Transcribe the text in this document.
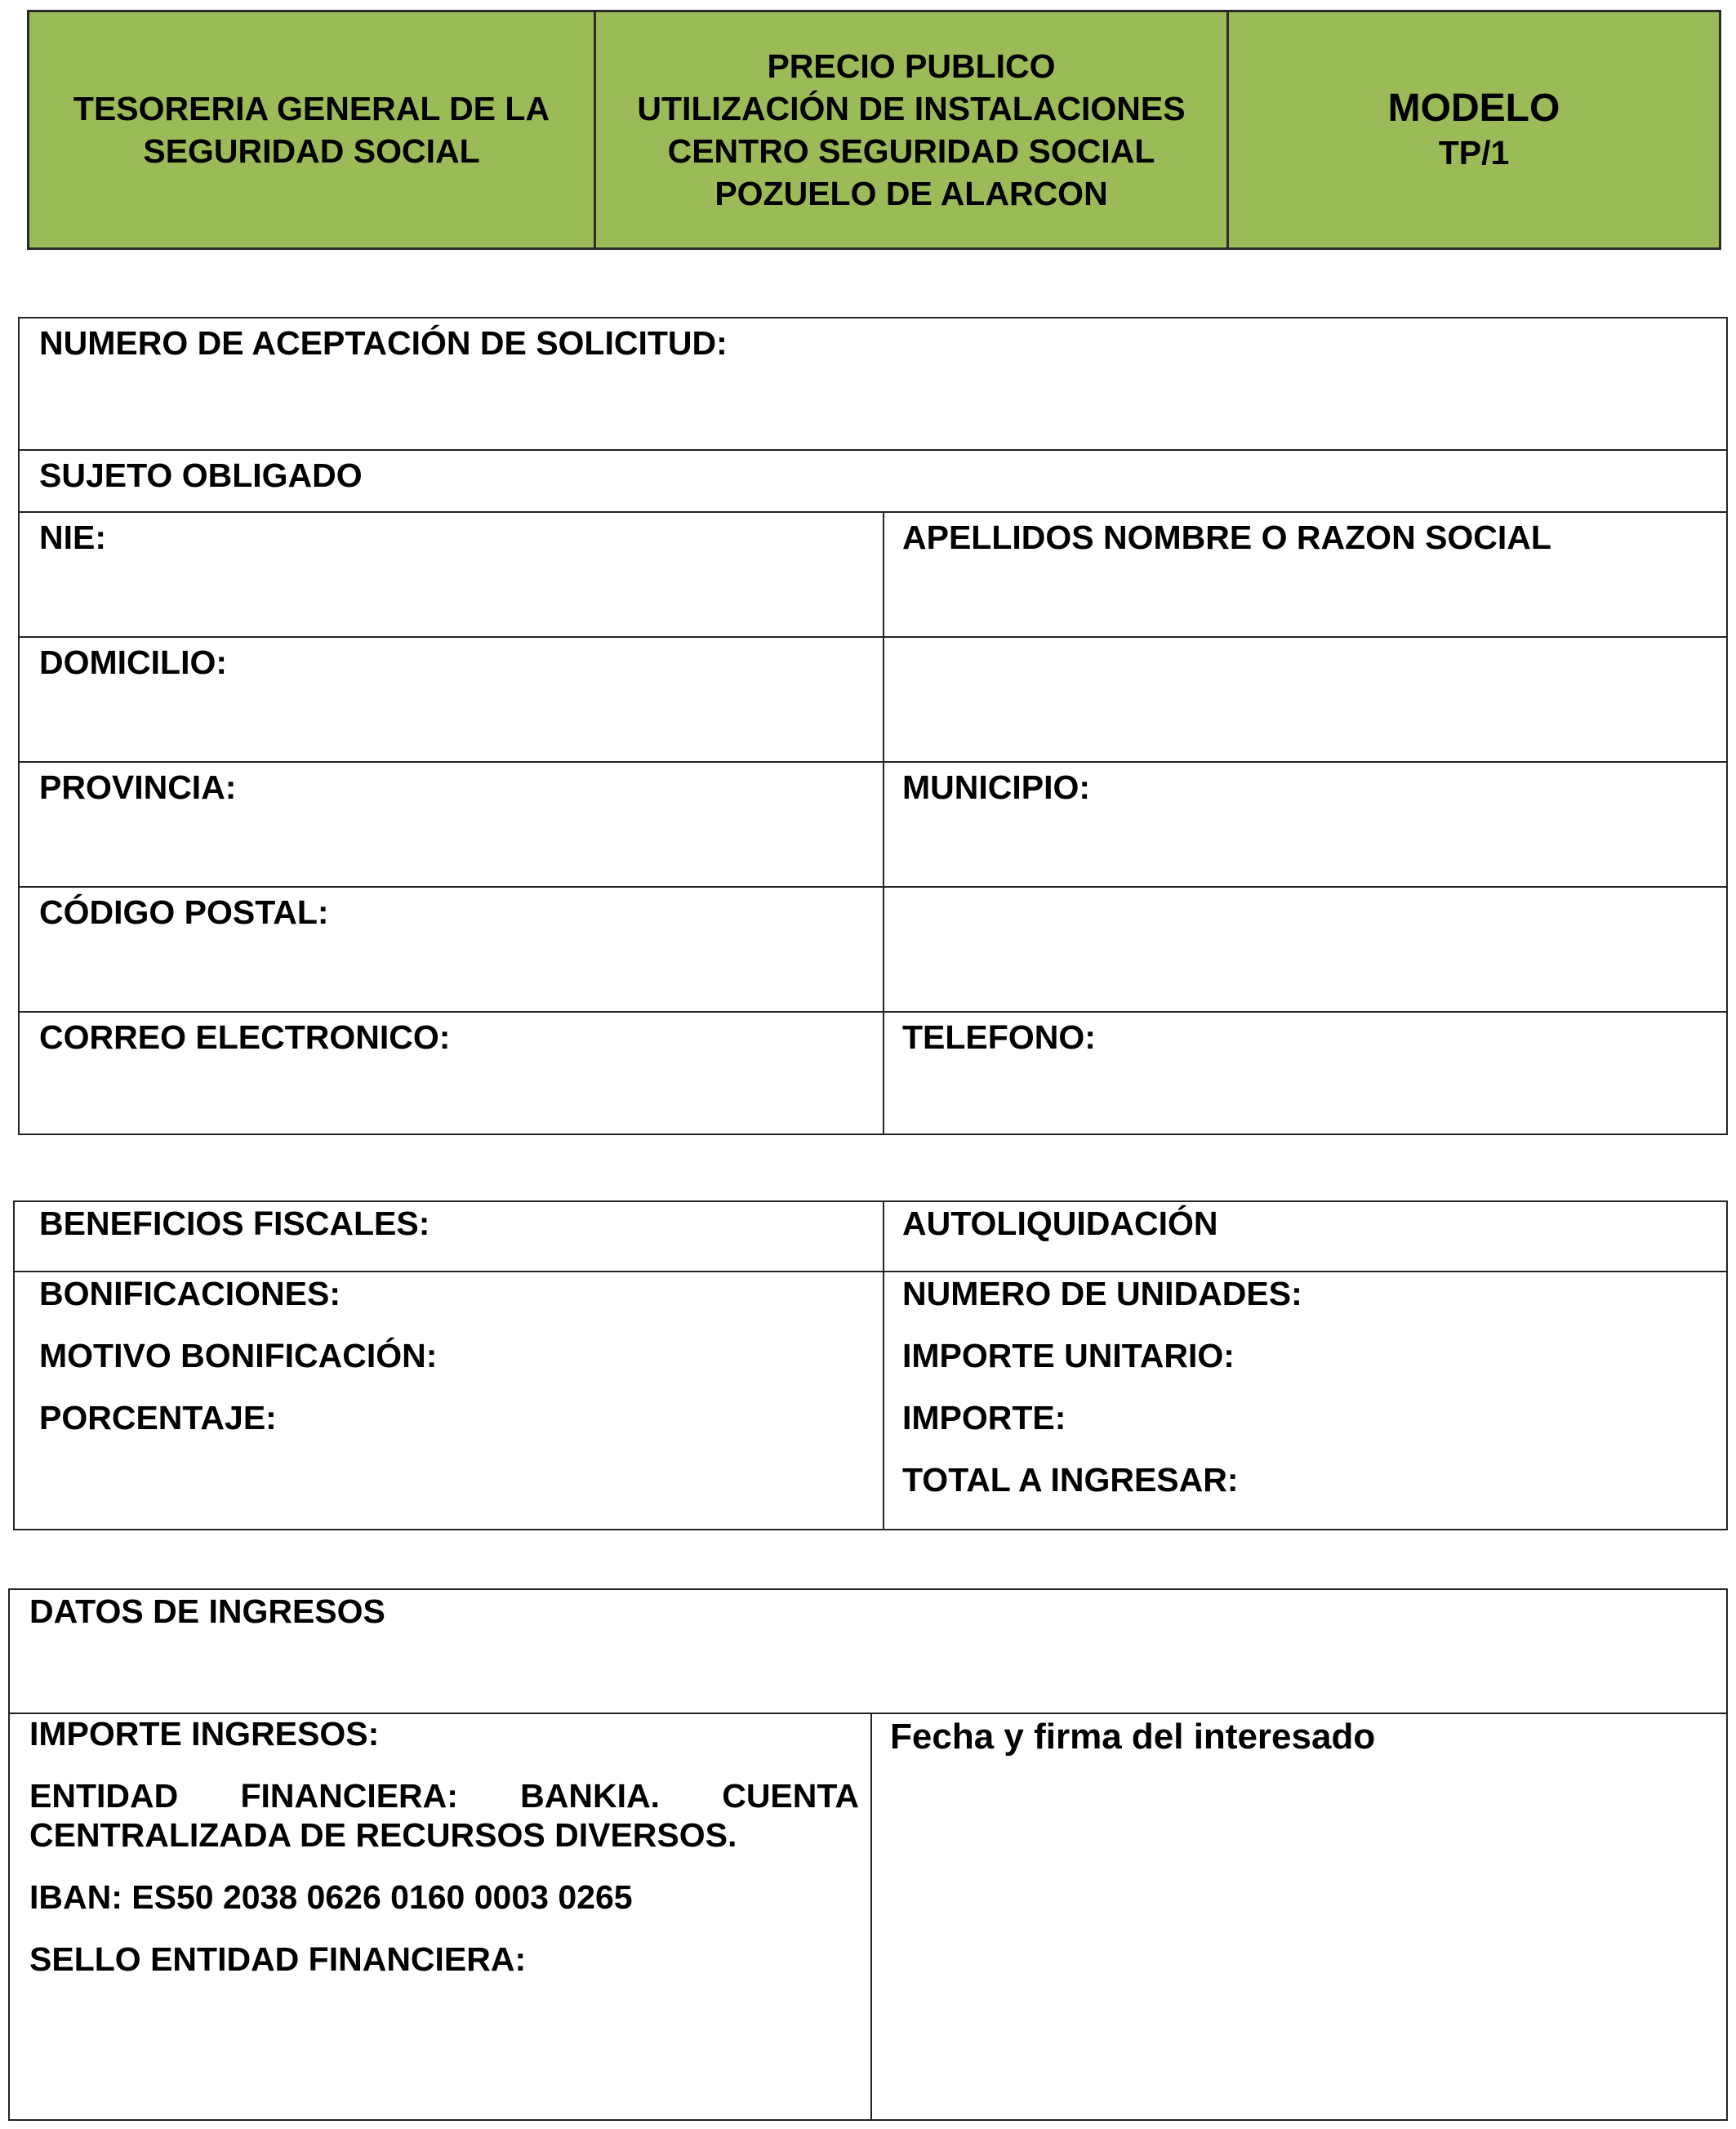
TESORERIA GENERAL DE LA
SEGURIDAD SOCIAL
PRECIO PUBLICO
UTILIZACIÓN DE INSTALACIONES
CENTRO SEGURIDAD SOCIAL
POZUELO DE ALARCON
MODELO
TP/1
NUMERO DE ACEPTACIÓN DE SOLICITUD:
SUJETO OBLIGADO
NIE:	APELLIDOS NOMBRE O RAZON SOCIAL
DOMICILIO:
PROVINCIA:	MUNICIPIO:
CÓDIGO POSTAL:
CORREO ELECTRONICO:	TELEFONO:
BENEFICIOS FISCALES:	AUTOLIQUIDACIÓN
BONIFICACIONES:
MOTIVO BONIFICACIÓN:
PORCENTAJE:
NUMERO DE UNIDADES:
IMPORTE UNITARIO:
IMPORTE:
TOTAL A INGRESAR:
DATOS DE INGRESOS
IMPORTE INGRESOS:
ENTIDAD FINANCIERA: BANKIA. CUENTA
CENTRALIZADA DE RECURSOS DIVERSOS.
IBAN: ES50 2038 0626 0160 0003 0265
SELLO ENTIDAD FINANCIERA:
Fecha y firma del interesado
